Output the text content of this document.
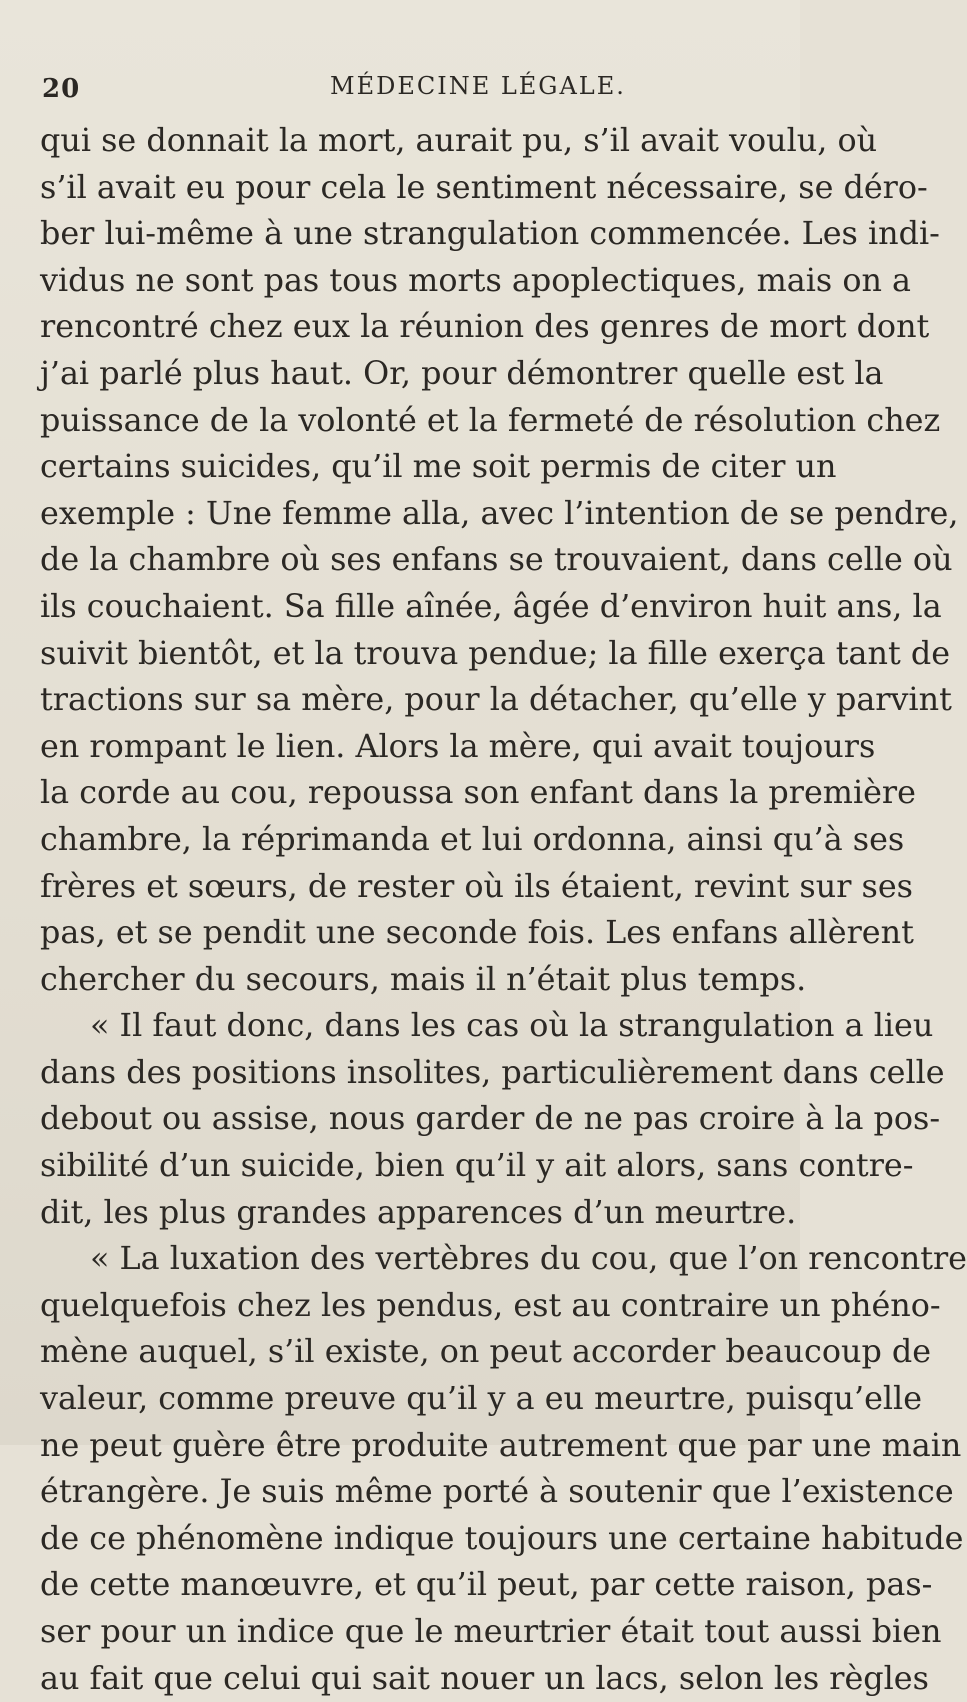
20	MÉDECINE LÉGALE.
qui se donnait la mort, aurait pu, s’il avait voulu, où
s’il avait eu pour cela le sentiment nécessaire, se déro-
ber lui-même à une strangulation commencée. Les indi-
vidus ne sont pas tous morts apoplectiques, mais on a
rencontré chez eux la réunion des genres de mort dont
j’ai parlé plus haut. Or, pour démontrer quelle est la
puissance de la volonté et la fermeté de résolution chez
certains suicides, qu’il me soit permis de citer un
exemple : Une femme alla, avec l’intention de se pendre,
de la chambre où ses enfans se trouvaient, dans celle où
ils couchaient. Sa fille aînée, âgée d’environ huit ans, la
suivit bientôt, et la trouva pendue; la fille exerça tant de
tractions sur sa mère, pour la détacher, qu’elle y parvint
en rompant le lien. Alors la mère, qui avait toujours
la corde au cou, repoussa son enfant dans la première
chambre, la réprimanda et lui ordonna, ainsi qu’à ses
frères et sœurs, de rester où ils étaient, revint sur ses
pas, et se pendit une seconde fois. Les enfans allèrent
chercher du secours, mais il n’était plus temps.
« Il faut donc, dans les cas où la strangulation a lieu
dans des positions insolites, particulièrement dans celle
debout ou assise, nous garder de ne pas croire à la pos-
sibilité d’un suicide, bien qu’il y ait alors, sans contre-
dit, les plus grandes apparences d’un meurtre.
« La luxation des vertèbres du cou, que l’on rencontre
quelquefois chez les pendus, est au contraire un phéno-
mène auquel, s’il existe, on peut accorder beaucoup de
valeur, comme preuve qu’il y a eu meurtre, puisqu’elle
ne peut guère être produite autrement que par une main
étrangère. Je suis même porté à soutenir que l’existence
de ce phénomène indique toujours une certaine habitude
de cette manœuvre, et qu’il peut, par cette raison, pas-
ser pour un indice que le meurtrier était tout aussi bien
au fait que celui qui sait nouer un lacs, selon les règles
